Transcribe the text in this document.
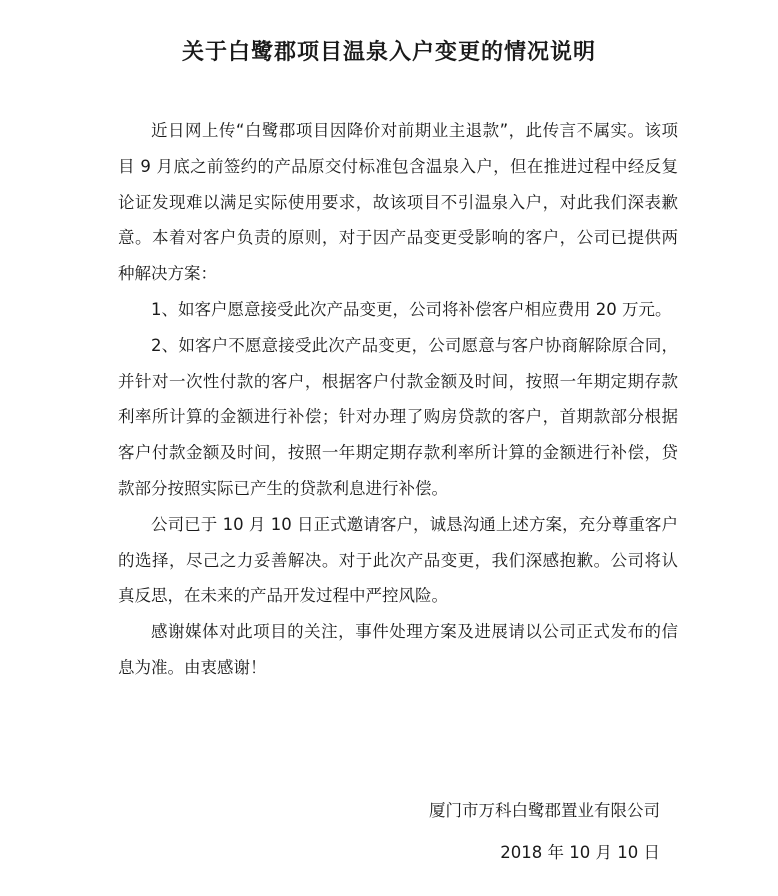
关于白鹭郡项目温泉入户变更的情况说明

近日网上传“白鹭郡项目因降价对前期业主退款”，此传言不属实。该项目 9 月底之前签约的产品原交付标准包含温泉入户，但在推进过程中经反复论证发现难以满足实际使用要求，故该项目不引温泉入户，对此我们深表歉意。本着对客户负责的原则，对于因产品变更受影响的客户，公司已提供两种解决方案：

1、如客户愿意接受此次产品变更，公司将补偿客户相应费用 20 万元。

2、如客户不愿意接受此次产品变更，公司愿意与客户协商解除原合同，并针对一次性付款的客户，根据客户付款金额及时间，按照一年期定期存款利率所计算的金额进行补偿；针对办理了购房贷款的客户，首期款部分根据客户付款金额及时间，按照一年期定期存款利率所计算的金额进行补偿，贷款部分按照实际已产生的贷款利息进行补偿。

公司已于 10 月 10 日正式邀请客户，诚恳沟通上述方案，充分尊重客户的选择，尽己之力妥善解决。对于此次产品变更，我们深感抱歉。公司将认真反思，在未来的产品开发过程中严控风险。

感谢媒体对此项目的关注，事件处理方案及进展请以公司正式发布的信息为准。由衷感谢！

厦门市万科白鹭郡置业有限公司
2018 年 10 月 10 日
